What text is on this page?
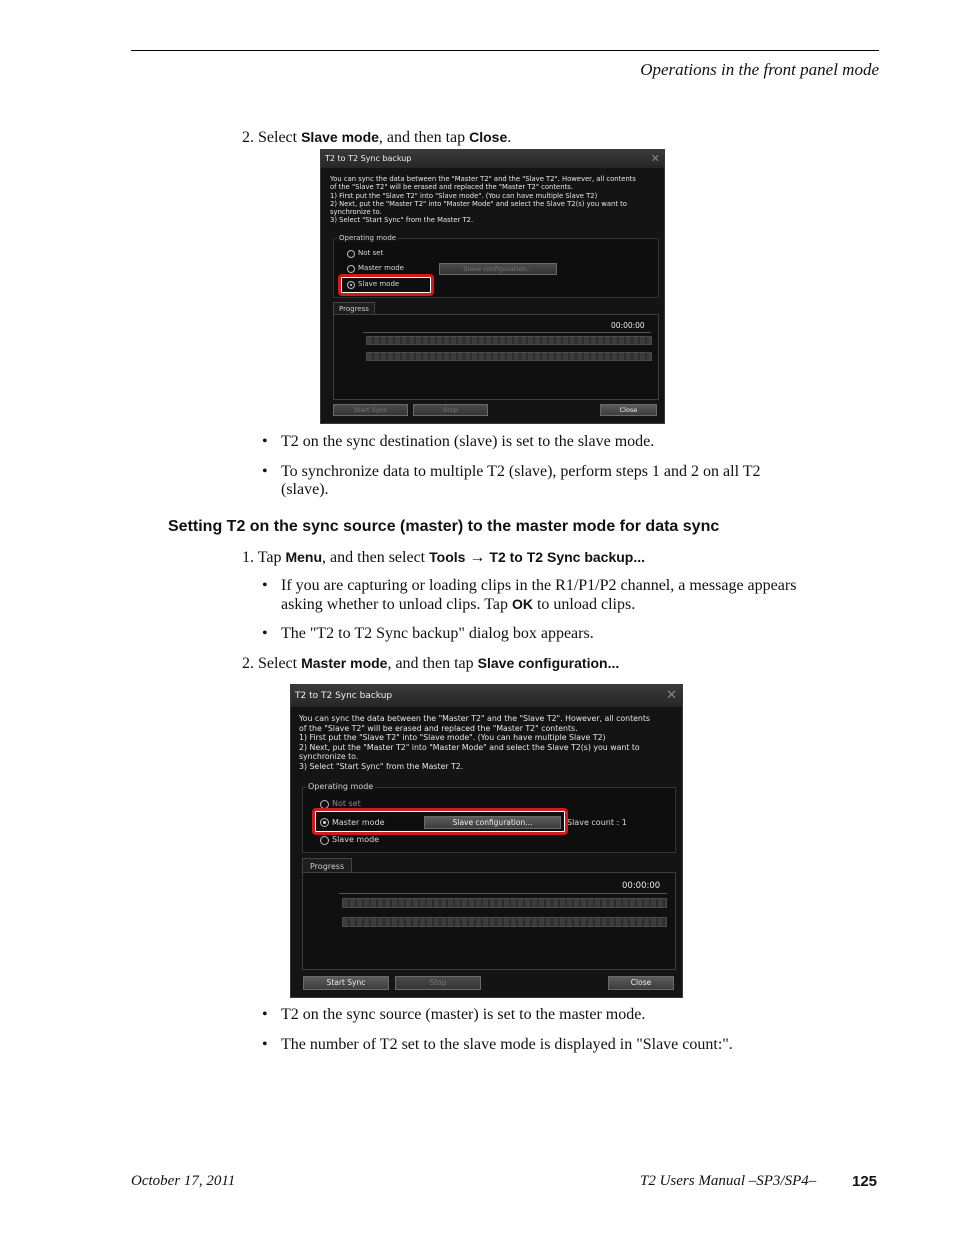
Operations in the front panel mode
2. Select Slave mode, and then tap Close.
T2 to T2 Sync backup	✕
You can sync the data between the "Master T2" and the "Slave T2". However, all contents
of the "Slave T2" will be erased and replaced the "Master T2" contents.
1) First put the "Slave T2" into "Slave mode". (You can have multiple Slave T2)
2) Next, put the "Master T2" into "Master Mode" and select the Slave T2(s) you want to
synchronize to.
3) Select "Start Sync" from the Master T2.
Operating mode
Not set
Master mode	Slave configuration...
Slave mode
Progress
00:00:00
Start Sync	Stop	Close
• T2 on the sync destination (slave) is set to the slave mode.
• To synchronize data to multiple T2 (slave), perform steps 1 and 2 on all T2
(slave).
Setting T2 on the sync source (master) to the master mode for data sync
1. Tap Menu, and then select Tools → T2 to T2 Sync backup...
• If you are capturing or loading clips in the R1/P1/P2 channel, a message appears
asking whether to unload clips. Tap OK to unload clips.
• The "T2 to T2 Sync backup" dialog box appears.
2. Select Master mode, and then tap Slave configuration...
T2 to T2 Sync backup	✕
You can sync the data between the "Master T2" and the "Slave T2". However, all contents
of the "Slave T2" will be erased and replaced the "Master T2" contents.
1) First put the "Slave T2" into "Slave mode". (You can have multiple Slave T2)
2) Next, put the "Master T2" into "Master Mode" and select the Slave T2(s) you want to
synchronize to.
3) Select "Start Sync" from the Master T2.
Operating mode
Not set
Master mode	Slave configuration...	Slave count : 1
Slave mode
Progress
00:00:00
Start Sync	Stop	Close
• T2 on the sync source (master) is set to the master mode.
• The number of T2 set to the slave mode is displayed in "Slave count:".
October 17, 2011	T2 Users Manual –SP3/SP4– 125
